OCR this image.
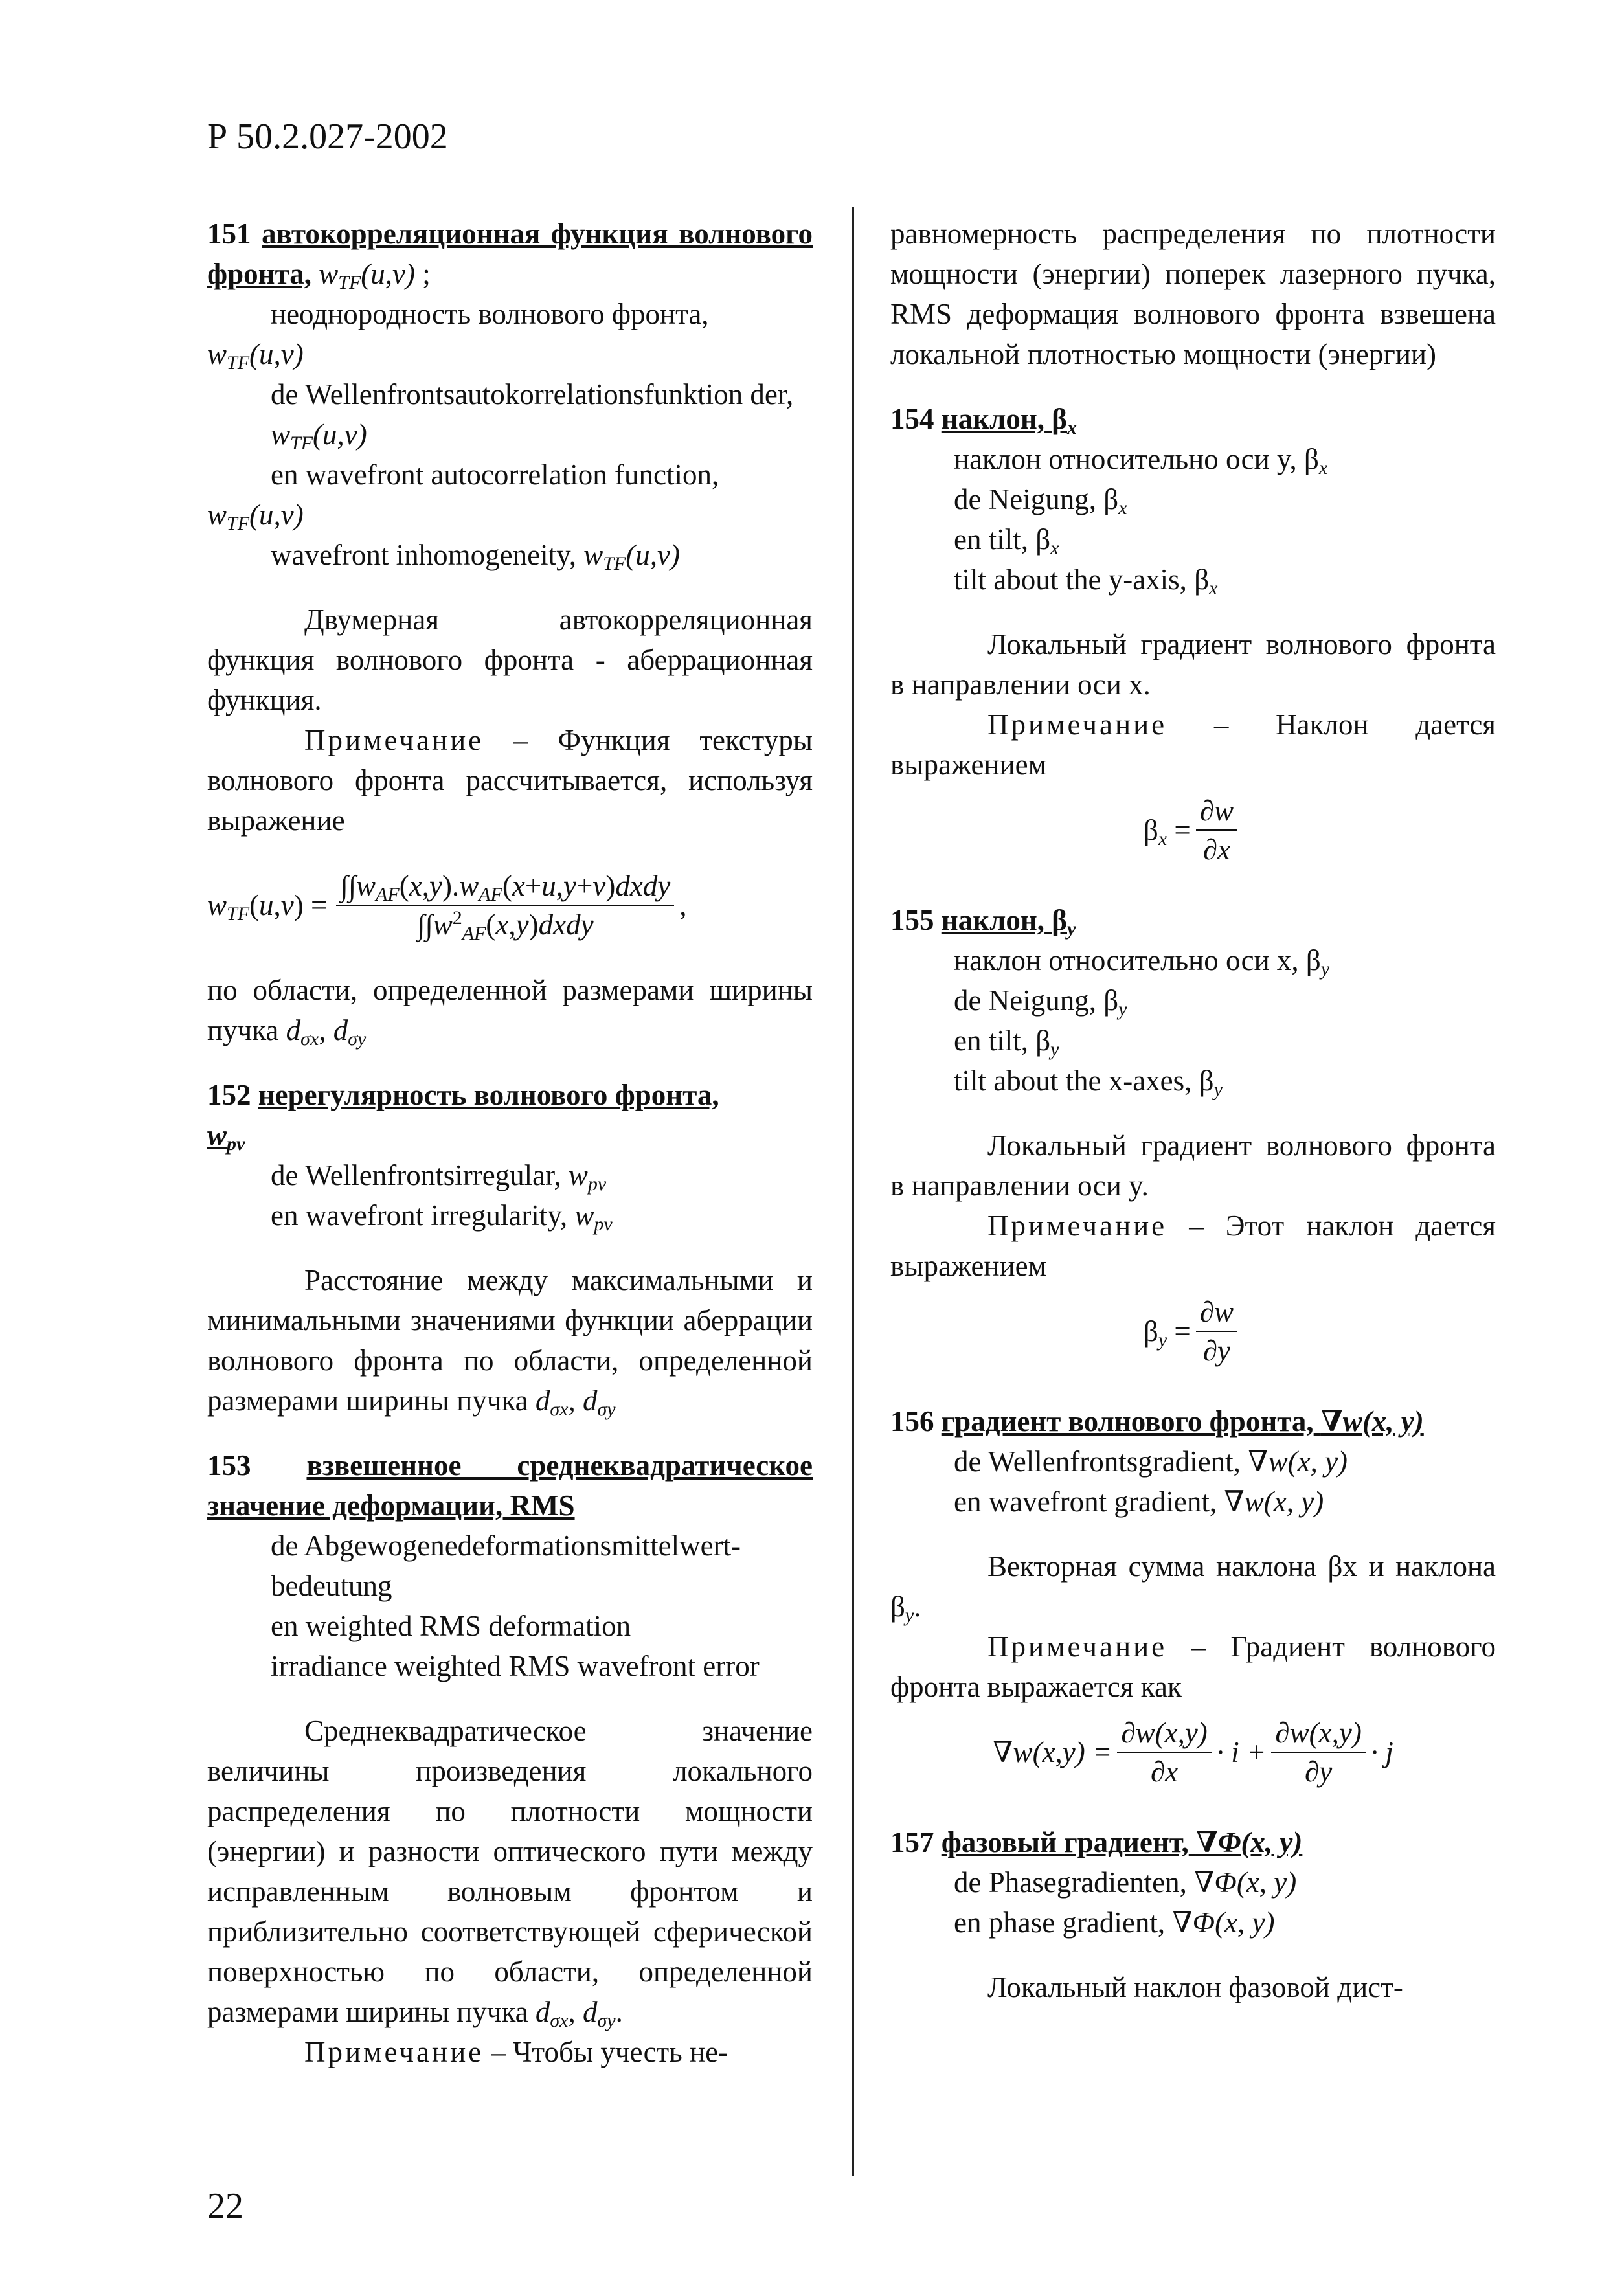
Р 50.2.027-2002

151 автокорреляционная функция волнового фронта, $w_{TF}(u,v)$ ;

неоднородность волнового фронта,

$w_{TF}(u,v)$

de Wellenfrontsautokorrelationsfunktion der, $w_{TF}(u,v)$

en wavefront autocorrelation function,

$w_{TF}(u,v)$

wavefront inhomogeneity, $w_{TF}(u,v)$

Двумерная автокорреляционная функция волнового фронта - аберрационная функция.

Примечание – Функция текстуры волнового фронта рассчитывается, используя выражение

$w_{TF}(u,v) = \frac{\int\int w_{AF}(x,y).w_{AF}(x+u,y+v)dxdy}{\int\int w^2_{AF}(x,y)dxdy}$ ,

по области, определенной размерами ширины пучка $d_{\sigma x}$, $d_{\sigma y}$

152 нерегулярность волнового фронта,

$w_{pv}$

de Wellenfrontsirregular, $w_{pv}$

en wavefront irregularity, $w_{pv}$

Расстояние между максимальными и минимальными значениями функции аберрации волнового фронта по области, определенной размерами ширины пучка $d_{\sigma x}$, $d_{\sigma y}$

153 взвешенное среднеквадратическое значение деформации, RMS

de Abgewogenedeformationsmittelwert-bedeutung

en weighted RMS deformation

irradiance weighted RMS wavefront error

Среднеквадратическое значение величины произведения локального распределения по плотности мощности (энергии) и разности оптического пути между исправленным волновым фронтом и приблизительно соответствующей сферической поверхностью по области, определенной размерами ширины пучка $d_{\sigma x}$, $d_{\sigma y}$.

Примечание – Чтобы учесть не-

равномерность распределения по плотности мощности (энергии) поперек лазерного пучка, RMS деформация волнового фронта взвешена локальной плотностью мощности (энергии)

154 наклон, $\beta_x$

наклон относительно оси y, $\beta_x$

de Neigung, $\beta_x$

en tilt, $\beta_x$

tilt about the y-axis, $\beta_x$

Локальный градиент волнового фронта в направлении оси x.

Примечание – Наклон дается выражением

$\beta_x = \frac{\partial w}{\partial x}$

155 наклон, $\beta_y$

наклон относительно оси x, $\beta_y$

de Neigung, $\beta_y$

en tilt, $\beta_y$

tilt about the x-axes, $\beta_y$

Локальный градиент волнового фронта в направлении оси y.

Примечание – Этот наклон дается выражением

$\beta_y = \frac{\partial w}{\partial y}$

156 градиент волнового фронта, ∇w(x, y)

de Wellenfrontsgradient, ∇w(x, y)

en wavefront gradient, ∇w(x, y)

Векторная сумма наклона βx и наклона $\beta_y$.

Примечание – Градиент волнового фронта выражается как

$\nabla w(x,y) = \frac{\partial w(x,y)}{\partial x} \cdot i + \frac{\partial w(x,y)}{\partial y} \cdot j$

157 фазовый градиент, ∇Φ(x, y)

de Phasegradienten, ∇Φ(x, y)

en phase gradient, ∇Φ(x, y)

Локальный наклон фазовой дист-

22
